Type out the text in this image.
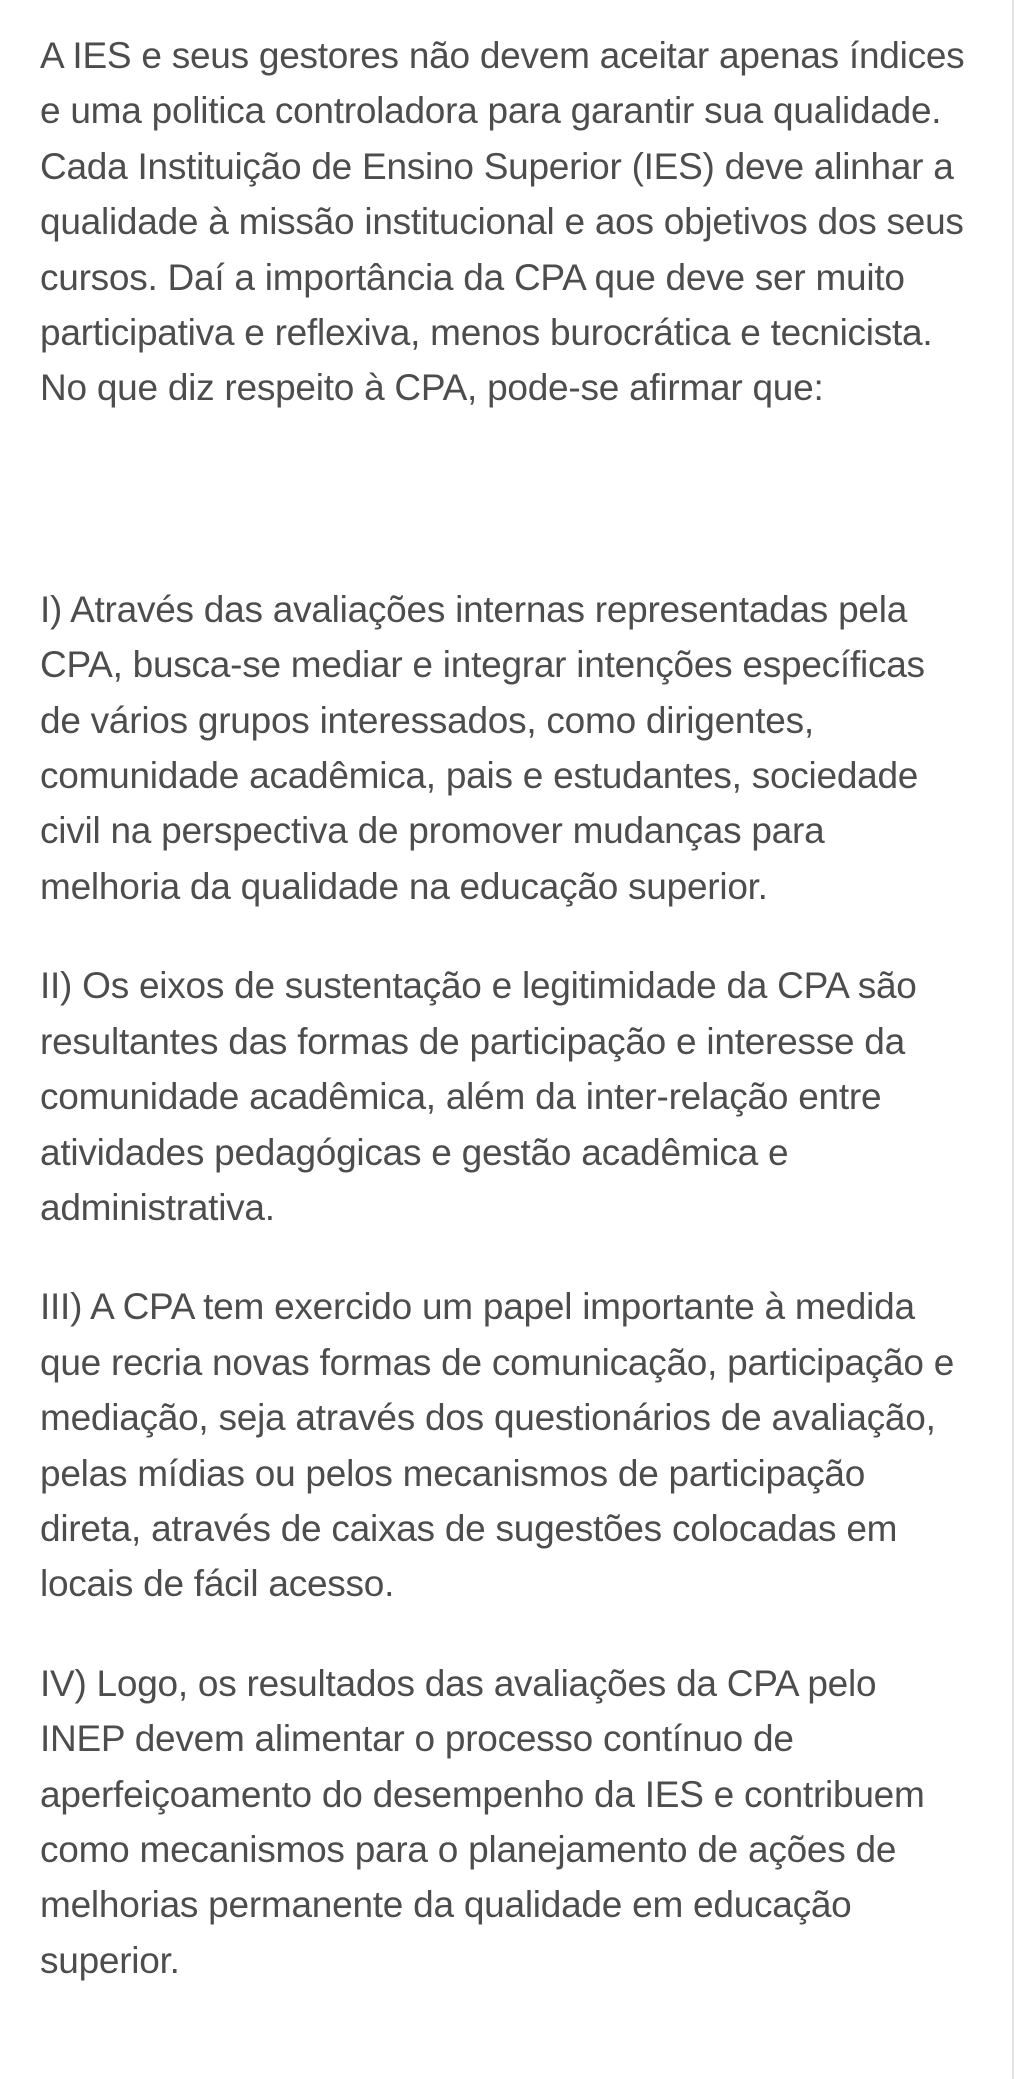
A IES e seus gestores não devem aceitar apenas índices e uma politica controladora para garantir sua qualidade. Cada Instituição de Ensino Superior (IES) deve alinhar a qualidade à missão institucional e aos objetivos dos seus cursos. Daí a importância da CPA que deve ser muito participativa e reflexiva, menos burocrática e tecnicista. No que diz respeito à CPA, pode-se afirmar que:

I) Através das avaliações internas representadas pela CPA, busca-se mediar e integrar intenções específicas de vários grupos interessados, como dirigentes, comunidade acadêmica, pais e estudantes, sociedade civil na perspectiva de promover mudanças para melhoria da qualidade na educação superior.

II) Os eixos de sustentação e legitimidade da CPA são resultantes das formas de participação e interesse da comunidade acadêmica, além da inter-relação entre atividades pedagógicas e gestão acadêmica e administrativa.

III) A CPA tem exercido um papel importante à medida que recria novas formas de comunicação, participação e mediação, seja através dos questionários de avaliação, pelas mídias ou pelos mecanismos de participação direta, através de caixas de sugestões colocadas em locais de fácil acesso.

IV) Logo, os resultados das avaliações da CPA pelo INEP devem alimentar o processo contínuo de aperfeiçoamento do desempenho da IES e contribuem como mecanismos para o planejamento de ações de melhorias permanente da qualidade em educação superior.
